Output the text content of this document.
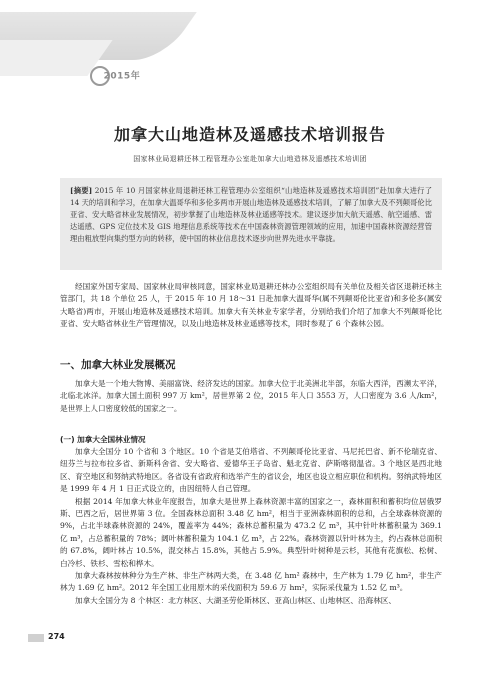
2015年
加拿大山地造林及遥感技术培训报告
国家林业局退耕还林工程管理办公室赴加拿大山地造林及遥感技术培训团
[摘要] 2015 年 10 月国家林业局退耕还林工程管理办公室组织“山地造林及遥感技术培训团”赴加拿大进行了 14 天的培训和学习，在加拿大温哥华和多伦多两市开展山地造林及遥感技术培训，了解了加拿大及不列颠哥伦比亚省、安大略省林业发展情况，初步掌握了山地造林及林业遥感等技术。建议逐步加大航天遥感、航空遥感、雷达遥感、GPS 定位技术及 GIS 地理信息系统等技术在中国森林资源管理领域的应用，加速中国森林资源经营管理由粗放型向集约型方向的转移，使中国的林业信息技术逐步向世界先进水平靠拢。

经国家外国专家局、国家林业局审核同意，国家林业局退耕还林办公室组织局有关单位及相关省区退耕还林主管部门，共 18 个单位 25 人，于 2015 年 10 月 18～31 日赴加拿大温哥华(属不列颠哥伦比亚省)和多伦多(属安大略省)两市，开展山地造林及遥感技术培训。加拿大有关林业专家学者，分别给我们介绍了加拿大不列颠哥伦比亚省、安大略省林业生产管理情况，以及山地造林及林业遥感等技术，同时参观了 6 个森林公园。

一、加拿大林业发展概况

加拿大是一个地大物博、美丽富饶、经济发达的国家。加拿大位于北美洲北半部，东临大西洋，西濒太平洋，北临北冰洋。加拿大国土面积 997 万 km²，居世界第 2 位，2015 年人口 3553 万，人口密度为 3.6 人/km²，是世界上人口密度较低的国家之一。

(一) 加拿大全国林业情况

加拿大全国分 10 个省和 3 个地区。10 个省是艾伯塔省、不列颠哥伦比亚省、马尼托巴省、新不伦瑞克省、纽芬兰与拉布拉多省、新斯科舍省、安大略省、爱德华王子岛省、魁北克省、萨斯喀彻温省。3 个地区是西北地区、育空地区和努纳武特地区。各省设有省政府和选举产生的省议会，地区也设立相应职位和机构。努纳武特地区是 1999 年 4 月 1 日正式设立的，由因纽特人自己管理。

根据 2014 年加拿大林业年度报告，加拿大是世界上森林资源丰富的国家之一，森林面积和蓄积均位居俄罗斯、巴西之后，居世界第 3 位。全国森林总面积 3.48 亿 hm²，相当于亚洲森林面积的总和，占全球森林资源的 9%，占北半球森林资源的 24%，覆盖率为 44%；森林总蓄积量为 473.2 亿 m³，其中针叶林蓄积量为 369.1 亿 m³，占总蓄积量的 78%；阔叶林蓄积量为 104.1 亿 m³，占 22%。森林资源以针叶林为主，约占森林总面积的 67.8%，阔叶林占 10.5%，混交林占 15.8%，其他占 5.9%。典型针叶树种是云杉，其他有花旗松、松树、白冷杉、铁杉、雪松和桦木。

加拿大森林按林种分为生产林、非生产林两大类，在 3.48 亿 hm² 森林中，生产林为 1.79 亿 hm²，非生产林为 1.69 亿 hm²。2012 年全国工业用原木的采伐面积为 59.6 万 hm²，实际采伐量为 1.52 亿 m³。

加拿大全国分为 8 个林区：北方林区、大湖圣劳伦斯林区、亚高山林区、山地林区、沿海林区、

274
